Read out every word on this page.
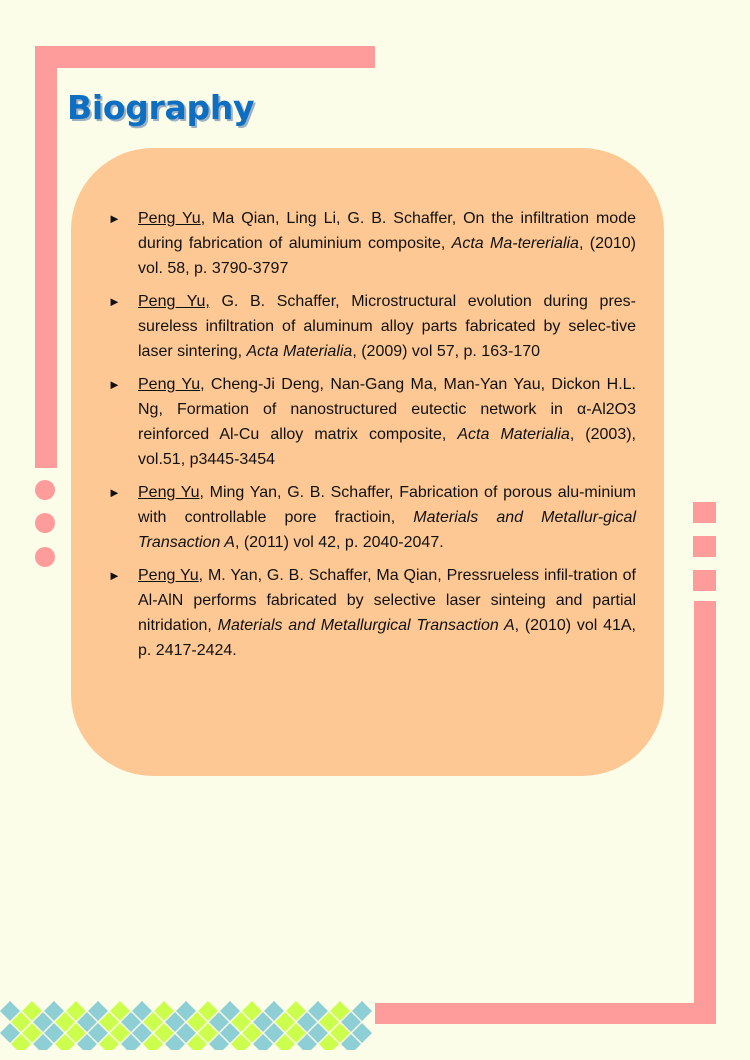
Biography
► Peng Yu, Ma Qian, Ling Li, G. B. Schaffer, On the infiltration mode during fabrication of aluminium composite, Acta Ma-tererialia, (2010) vol. 58, p. 3790-3797
► Peng Yu, G. B. Schaffer, Microstructural evolution during pres-sureless infiltration of aluminum alloy parts fabricated by selec-tive laser sintering, Acta Materialia, (2009) vol 57, p. 163-170
► Peng Yu, Cheng-Ji Deng, Nan-Gang Ma, Man-Yan Yau, Dickon H.L. Ng, Formation of nanostructured eutectic network in α-Al2O3 reinforced Al-Cu alloy matrix composite, Acta Materialia, (2003), vol.51, p3445-3454
► Peng Yu, Ming Yan, G. B. Schaffer, Fabrication of porous alu-minium with controllable pore fractioin, Materials and Metallur-gical Transaction A, (2011) vol 42, p. 2040-2047.
► Peng Yu, M. Yan, G. B. Schaffer, Ma Qian, Pressrueless infil-tration of Al-AlN performs fabricated by selective laser sinteing and partial nitridation, Materials and Metallurgical Transaction A, (2010) vol 41A, p. 2417-2424.
